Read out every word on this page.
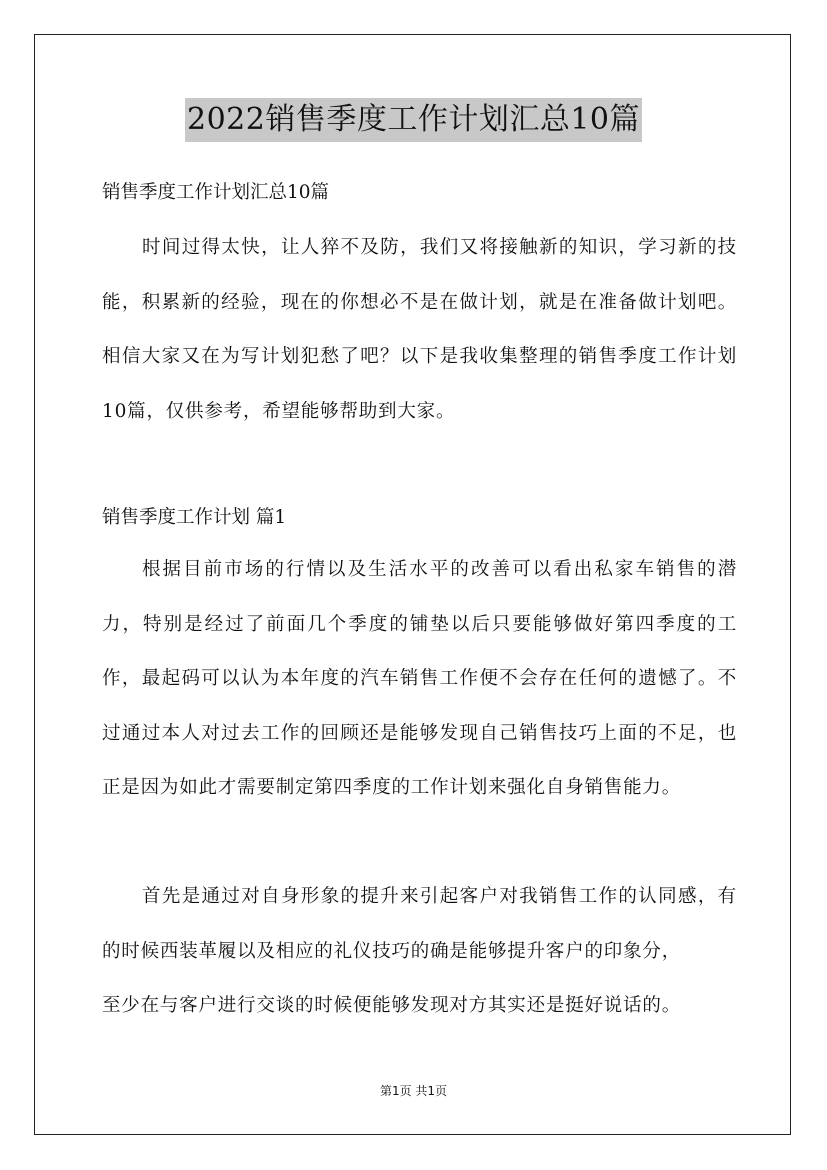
2022销售季度工作计划汇总10篇
销售季度工作计划汇总10篇

时间过得太快，让人猝不及防，我们又将接触新的知识，学习新的技能，积累新的经验，现在的你想必不是在做计划，就是在准备做计划吧。相信大家又在为写计划犯愁了吧？以下是我收集整理的销售季度工作计划10篇，仅供参考，希望能够帮助到大家。

销售季度工作计划 篇1

根据目前市场的行情以及生活水平的改善可以看出私家车销售的潜力，特别是经过了前面几个季度的铺垫以后只要能够做好第四季度的工作，最起码可以认为本年度的汽车销售工作便不会存在任何的遗憾了。不过通过本人对过去工作的回顾还是能够发现自己销售技巧上面的不足，也正是因为如此才需要制定第四季度的工作计划来强化自身销售能力。

首先是通过对自身形象的提升来引起客户对我销售工作的认同感，有的时候西装革履以及相应的礼仪技巧的确是能够提升客户的印象分，

至少在与客户进行交谈的时候便能够发现对方其实还是挺好说话的。

第1页 共1页
